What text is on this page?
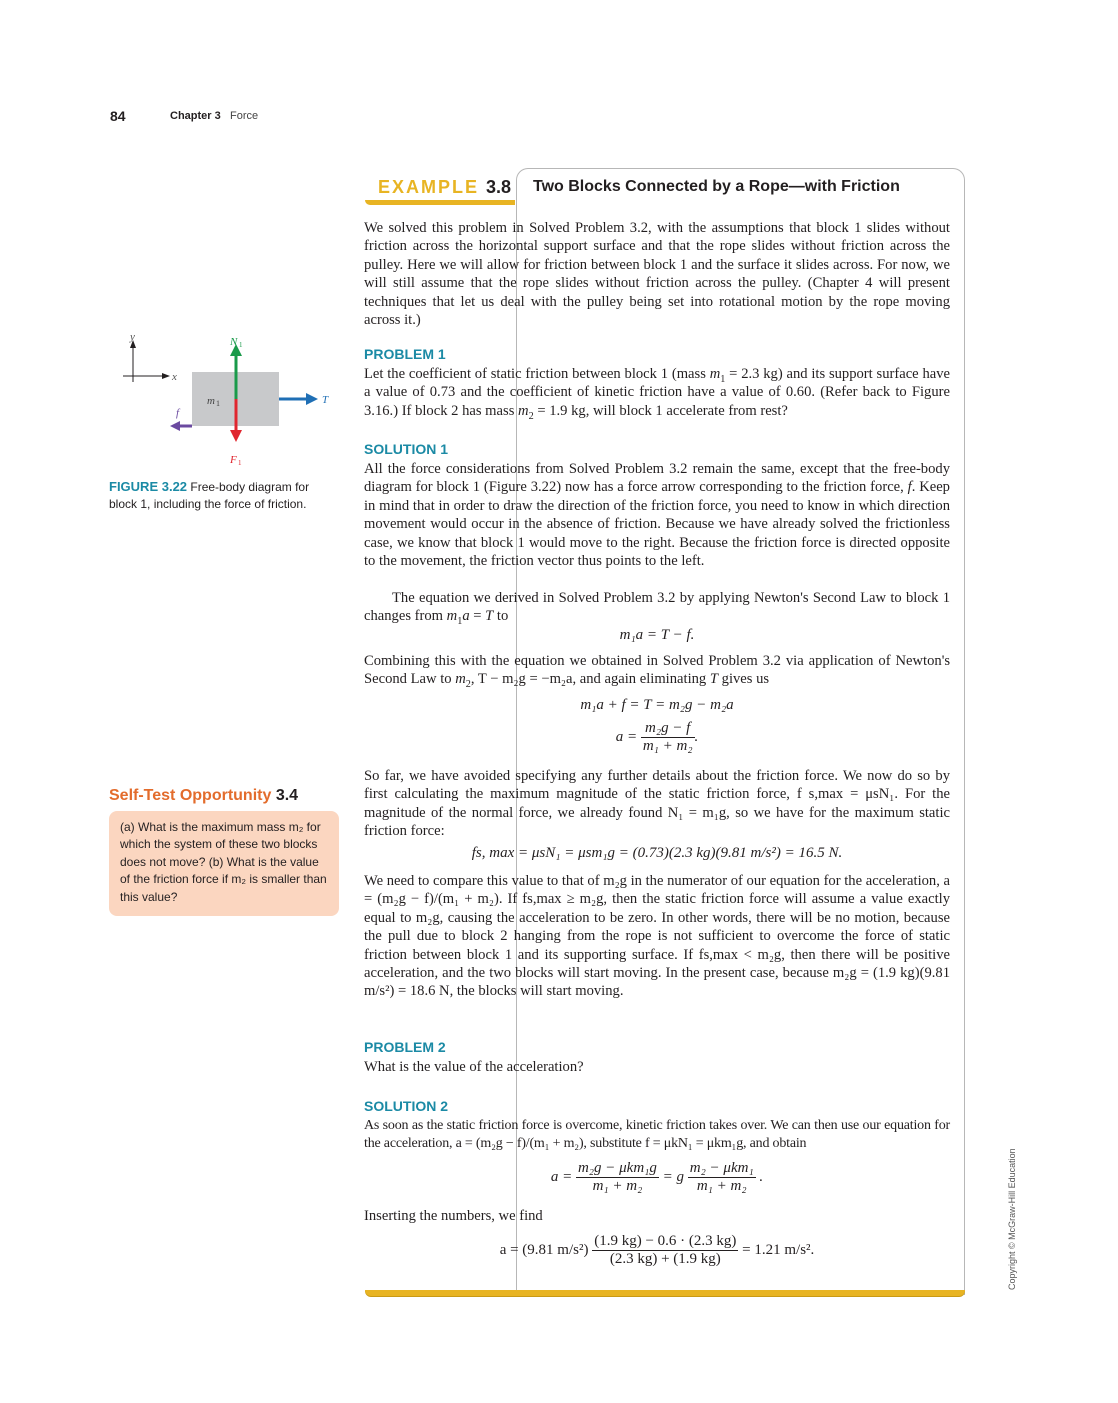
84	Chapter 3 Force
EXAMPLE 3.8 Two Blocks Connected by a Rope—with Friction
We solved this problem in Solved Problem 3.2, with the assumptions that block 1 slides without friction across the horizontal support surface and that the rope slides without friction across the pulley. Here we will allow for friction between block 1 and the surface it slides across. For now, we will still assume that the rope slides without friction across the pulley. (Chapter 4 will present techniques that let us deal with the pulley being set into rotational motion by the rope moving across it.)
PROBLEM 1
Let the coefficient of static friction between block 1 (mass $m_1 = 2.3$ kg) and its support surface have a value of 0.73 and the coefficient of kinetic friction have a value of 0.60. (Refer back to Figure 3.16.) If block 2 has mass $m_2 = 1.9$ kg, will block 1 accelerate from rest?
SOLUTION 1
All the force considerations from Solved Problem 3.2 remain the same, except that the free-body diagram for block 1 (Figure 3.22) now has a force arrow corresponding to the friction force, f. Keep in mind that in order to draw the direction of the friction force, you need to know in which direction movement would occur in the absence of friction. Because we have already solved the frictionless case, we know that block 1 would move to the right. Because the friction force is directed opposite to the movement, the friction vector thus points to the left.
The equation we derived in Solved Problem 3.2 by applying Newton's Second Law to block 1 changes from $m_1a = T$ to
m₁a = T − f.
Combining this with the equation we obtained in Solved Problem 3.2 via application of Newton's Second Law to $m_2$, T − m₂g = −m₂a, and again eliminating T gives us
m₁a + f = T = m₂g − m₂a
$a = \frac{\text{m₂g − f}}{\text{m₁ + m₂}}$ .
So far, we have avoided specifying any further details about the friction force. We now do so by first calculating the maximum magnitude of the static friction force, f s,max = μsN₁. For the magnitude of the normal force, we already found N₁ = m₁g, so we have for the maximum static friction force:
fs, max = μsN₁ = μsm₁g = (0.73)(2.3 kg)(9.81 m/s²) = 16.5 N.
We need to compare this value to that of m₂g in the numerator of our equation for the acceleration, a = (m₂g − f)/(m₁ + m₂). If fs,max ≥ m₂g, then the static friction force will assume a value exactly equal to m₂g, causing the acceleration to be zero. In other words, there will be no motion, because the pull due to block 2 hanging from the rope is not sufficient to overcome the force of static friction between block 1 and its supporting surface. If fs,max < m₂g, then there will be positive acceleration, and the two blocks will start moving. In the present case, because m₂g = (1.9 kg)(9.81 m/s²) = 18.6 N, the blocks will start moving.
PROBLEM 2
What is the value of the acceleration?
SOLUTION 2
As soon as the static friction force is overcome, kinetic friction takes over. We can then use our equation for the acceleration, a = (m₂g − f)/(m₁ + m₂), substitute f = μkN₁ = μkm₁g, and obtain
$a = \frac{\text{m₂g − μkm₁g}}{\text{m₁ + m₂}} = g \frac{\text{m₂ − μkm₁}}{\text{m₁ + m₂}}$ .
Inserting the numbers, we find
a = (9.81 $m/s^2) \frac{(1.9 kg) - 0.6 \cdot (2.3 kg)}{(2.3 kg) + (1.9 kg)} = 1.21$ m/s².
y
x
m 1
N 1
F 1
T
f
FIGURE 3.22 Free-body diagram for block 1, including the force of friction.
Self-Test Opportunity 3.4
(a) What is the maximum mass m₂ for which the system of these two blocks does not move? (b) What is the value of the friction force if m₂ is smaller than this value?
Copyright © McGraw-Hill Education
